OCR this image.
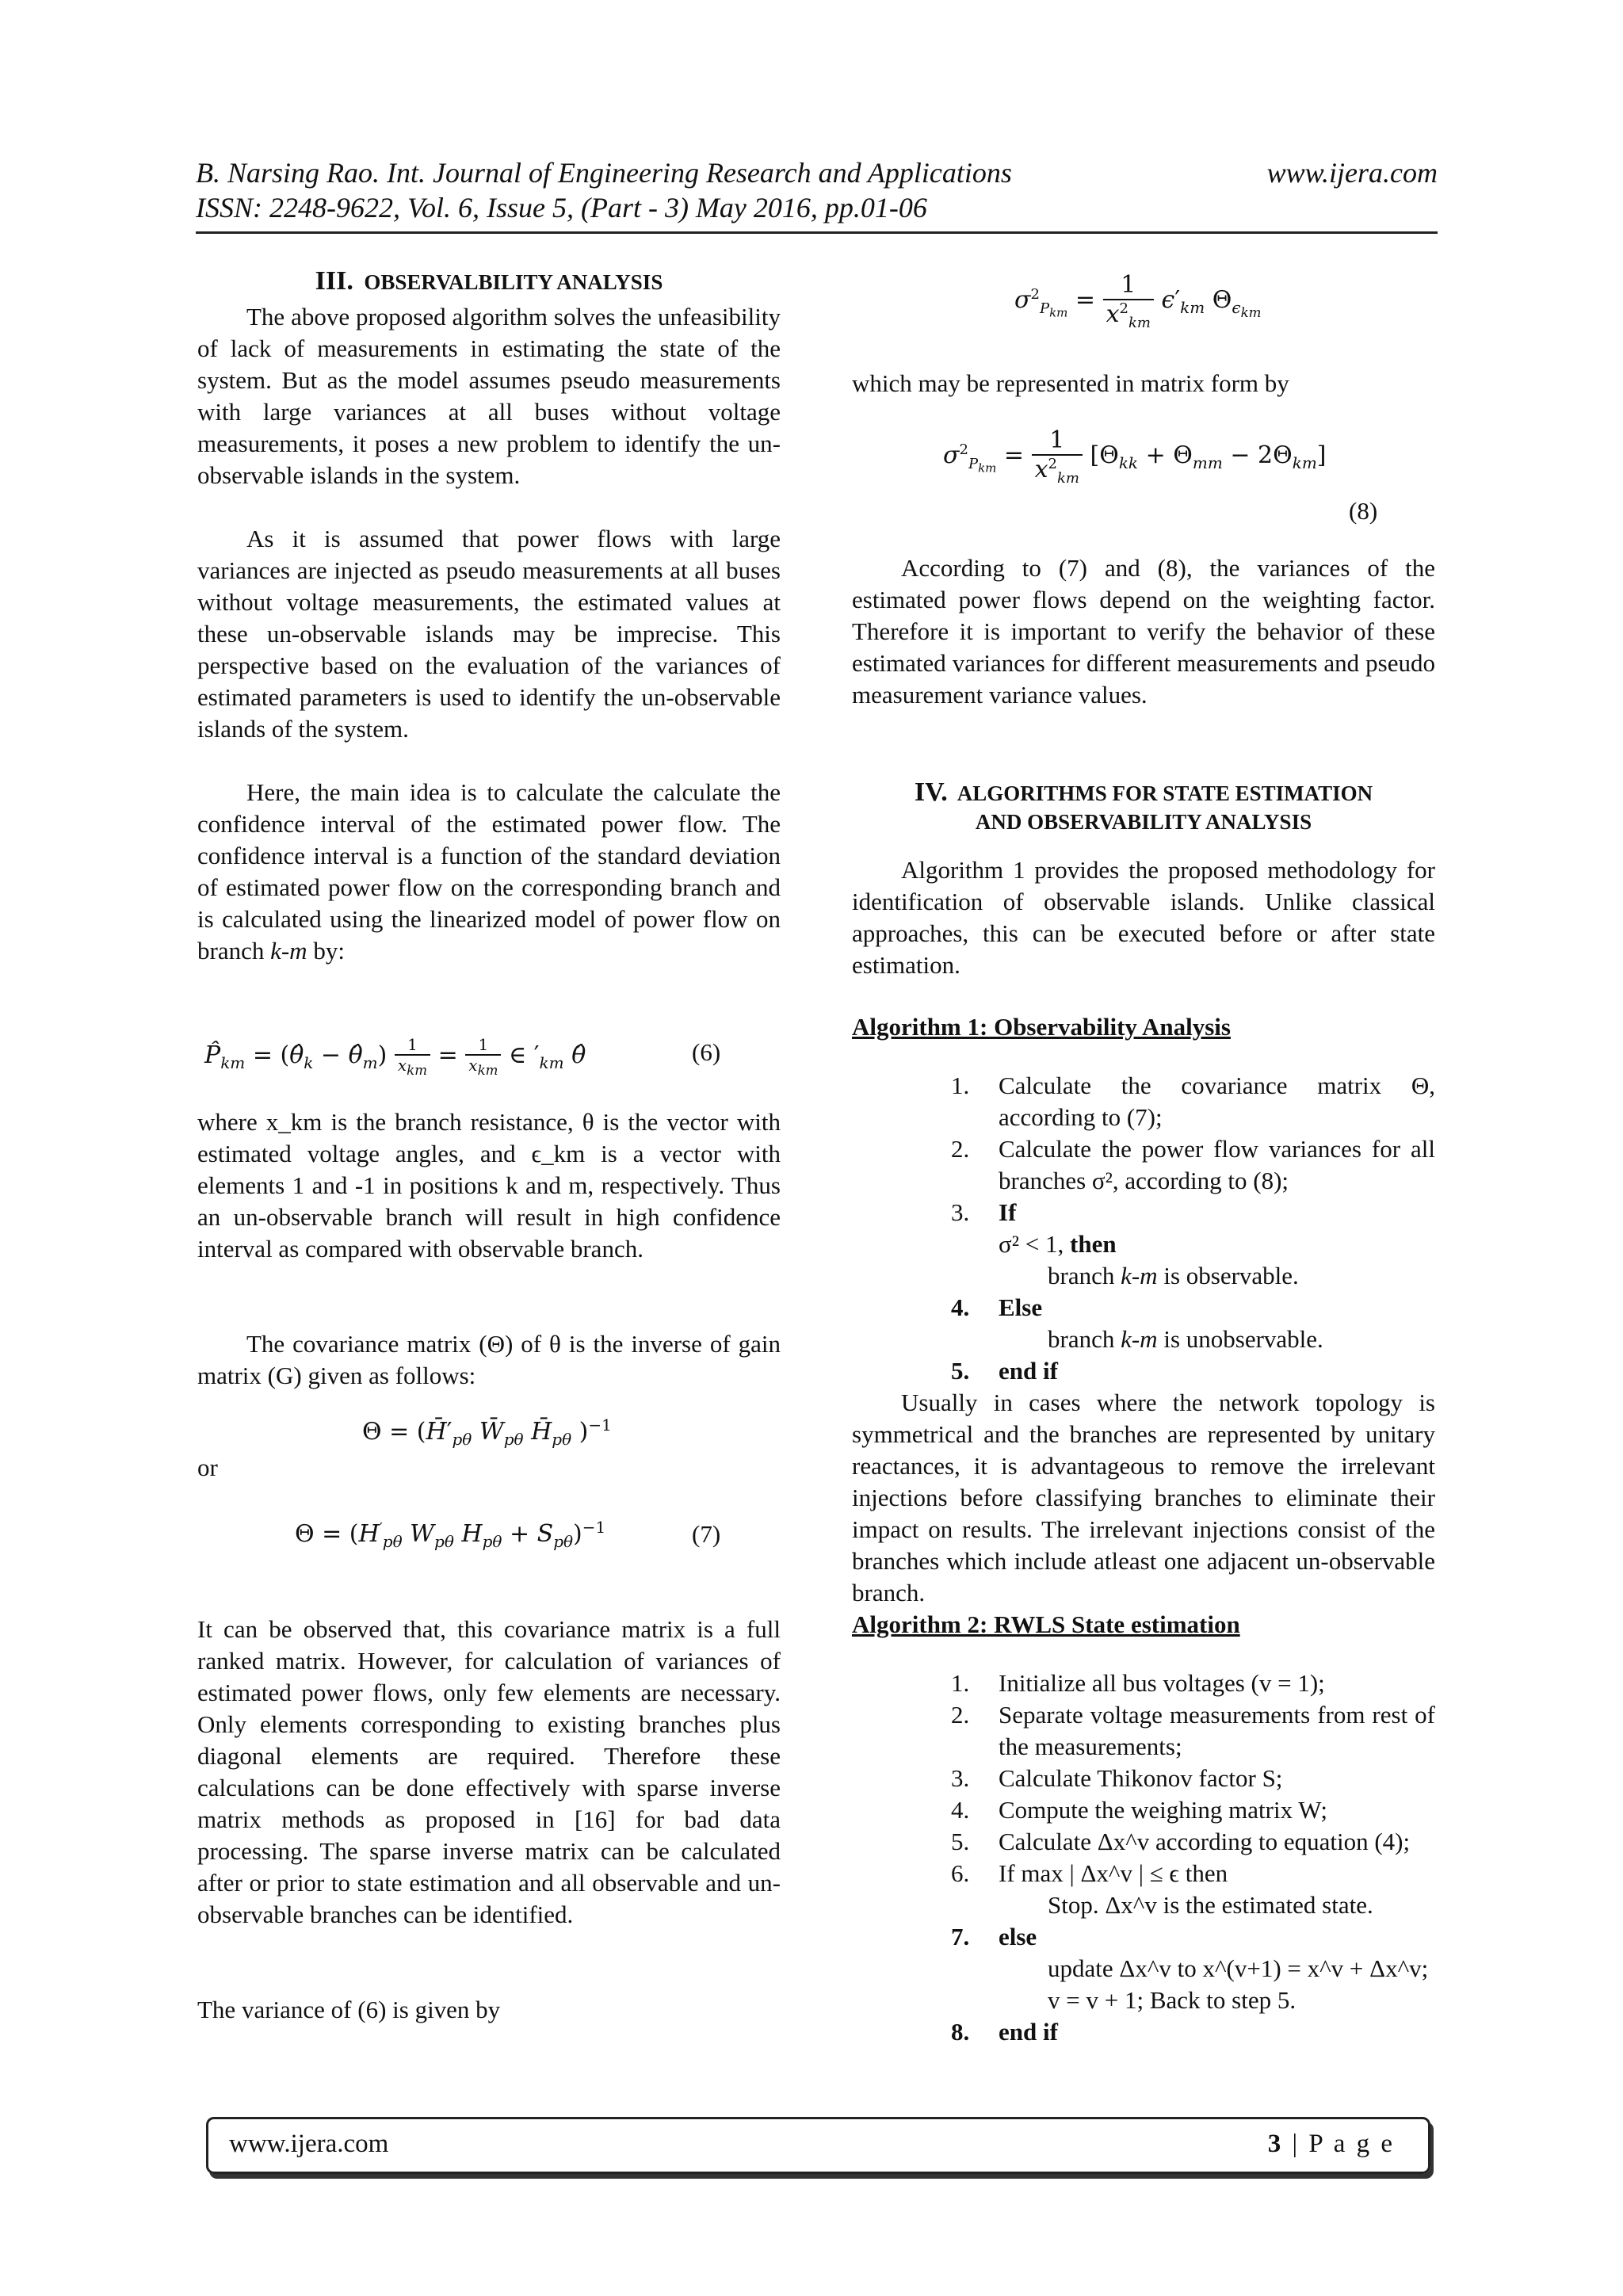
B. Narsing Rao. Int. Journal of Engineering Research and Applications	www.ijera.com
ISSN: 2248-9622, Vol. 6, Issue 5, (Part - 3) May 2016, pp.01-06
III. OBSERVALBILITY ANALYSIS

The above proposed algorithm solves the unfeasibility of lack of measurements in estimating the state of the system. But as the model assumes pseudo measurements with large variances at all buses without voltage measurements, it poses a new problem to identify the un-observable islands in the system.

As it is assumed that power flows with large variances are injected as pseudo measurements at all buses without voltage measurements, the estimated values at these un-observable islands may be imprecise. This perspective based on the evaluation of the variances of estimated parameters is used to identify the un-observable islands of the system.

Here, the main idea is to calculate the calculate the confidence interval of the estimated power flow. The confidence interval is a function of the standard deviation of estimated power flow on the corresponding branch and is calculated using the linearized model of power flow on branch k-m by:

$P̂_{km}$ = ($\thetâ_k$ − $\thetâ_m) \frac{1}{x_{km}} = \frac{1}{x_{km}}$ ∈ $'_{km}$ θ̂	(6)

where x_km is the branch resistance, θ is the vector with estimated voltage angles, and ϵ_km is a vector with elements 1 and -1 in positions k and m, respectively. Thus an un-observable branch will result in high confidence interval as compared with observable branch.

The covariance matrix (Θ) of θ is the inverse of gain matrix (G) given as follows:

$\Theta = (H̄'_{p\theta}$ $W̄_{p\theta}$ $H̄_{p\theta}$ )$^{-1}$
or
$\Theta = (H'_{p\theta}$ $W_{p\theta}$ $H_{p\theta} + S_{p\theta})^{-1}$	(7)

It can be observed that, this covariance matrix is a full ranked matrix. However, for calculation of variances of estimated power flows, only few elements are necessary. Only elements corresponding to existing branches plus diagonal elements are required. Therefore these calculations can be done effectively with sparse inverse matrix methods as proposed in [16] for bad data processing. The sparse inverse matrix can be calculated after or prior to state estimation and all observable and un-observable branches can be identified.

The variance of (6) is given by

$\sigma^2_{P_{km}} = \frac{1}{x^2_{km}} \epsilon'_{km}$ $\Theta_{\epsilon_{km}}$

which may be represented in matrix form by

$\sigma^2_{P_{km}} = \frac{1}{x^2_{km}} [\Theta_{kk} + \Theta_{mm} - 2\Theta_{km}]$
(8)

According to (7) and (8), the variances of the estimated power flows depend on the weighting factor. Therefore it is important to verify the behavior of these estimated variances for different measurements and pseudo measurement variance values.

IV. ALGORITHMS FOR STATE ESTIMATION
AND OBSERVABILITY ANALYSIS

Algorithm 1 provides the proposed methodology for identification of observable islands. Unlike classical approaches, this can be executed before or after state estimation.

Algorithm 1: Observability Analysis
1. Calculate the covariance matrix Θ, according to (7);
2. Calculate the power flow variances for all branches σ², according to (8);
3. If
σ² < 1, then
branch k-m is observable.
4. Else
branch k-m is unobservable.
5. end if

Usually in cases where the network topology is symmetrical and the branches are represented by unitary reactances, it is advantageous to remove the irrelevant injections before classifying branches to eliminate their impact on results. The irrelevant injections consist of the branches which include atleast one adjacent un-observable branch.

Algorithm 2: RWLS State estimation
1. Initialize all bus voltages (v = 1);
2. Separate voltage measurements from rest of the measurements;
3. Calculate Thikonov factor S;
4. Compute the weighing matrix W;
5. Calculate Δx^v according to equation (4);
6. If max | Δx^v | ≤ ϵ then
Stop. Δx^v is the estimated state.
7. else
update Δx^v to x^(v+1) = x^v + Δx^v;
v = v + 1; Back to step 5.
8. end if
www.ijera.com	3 | P a g e
